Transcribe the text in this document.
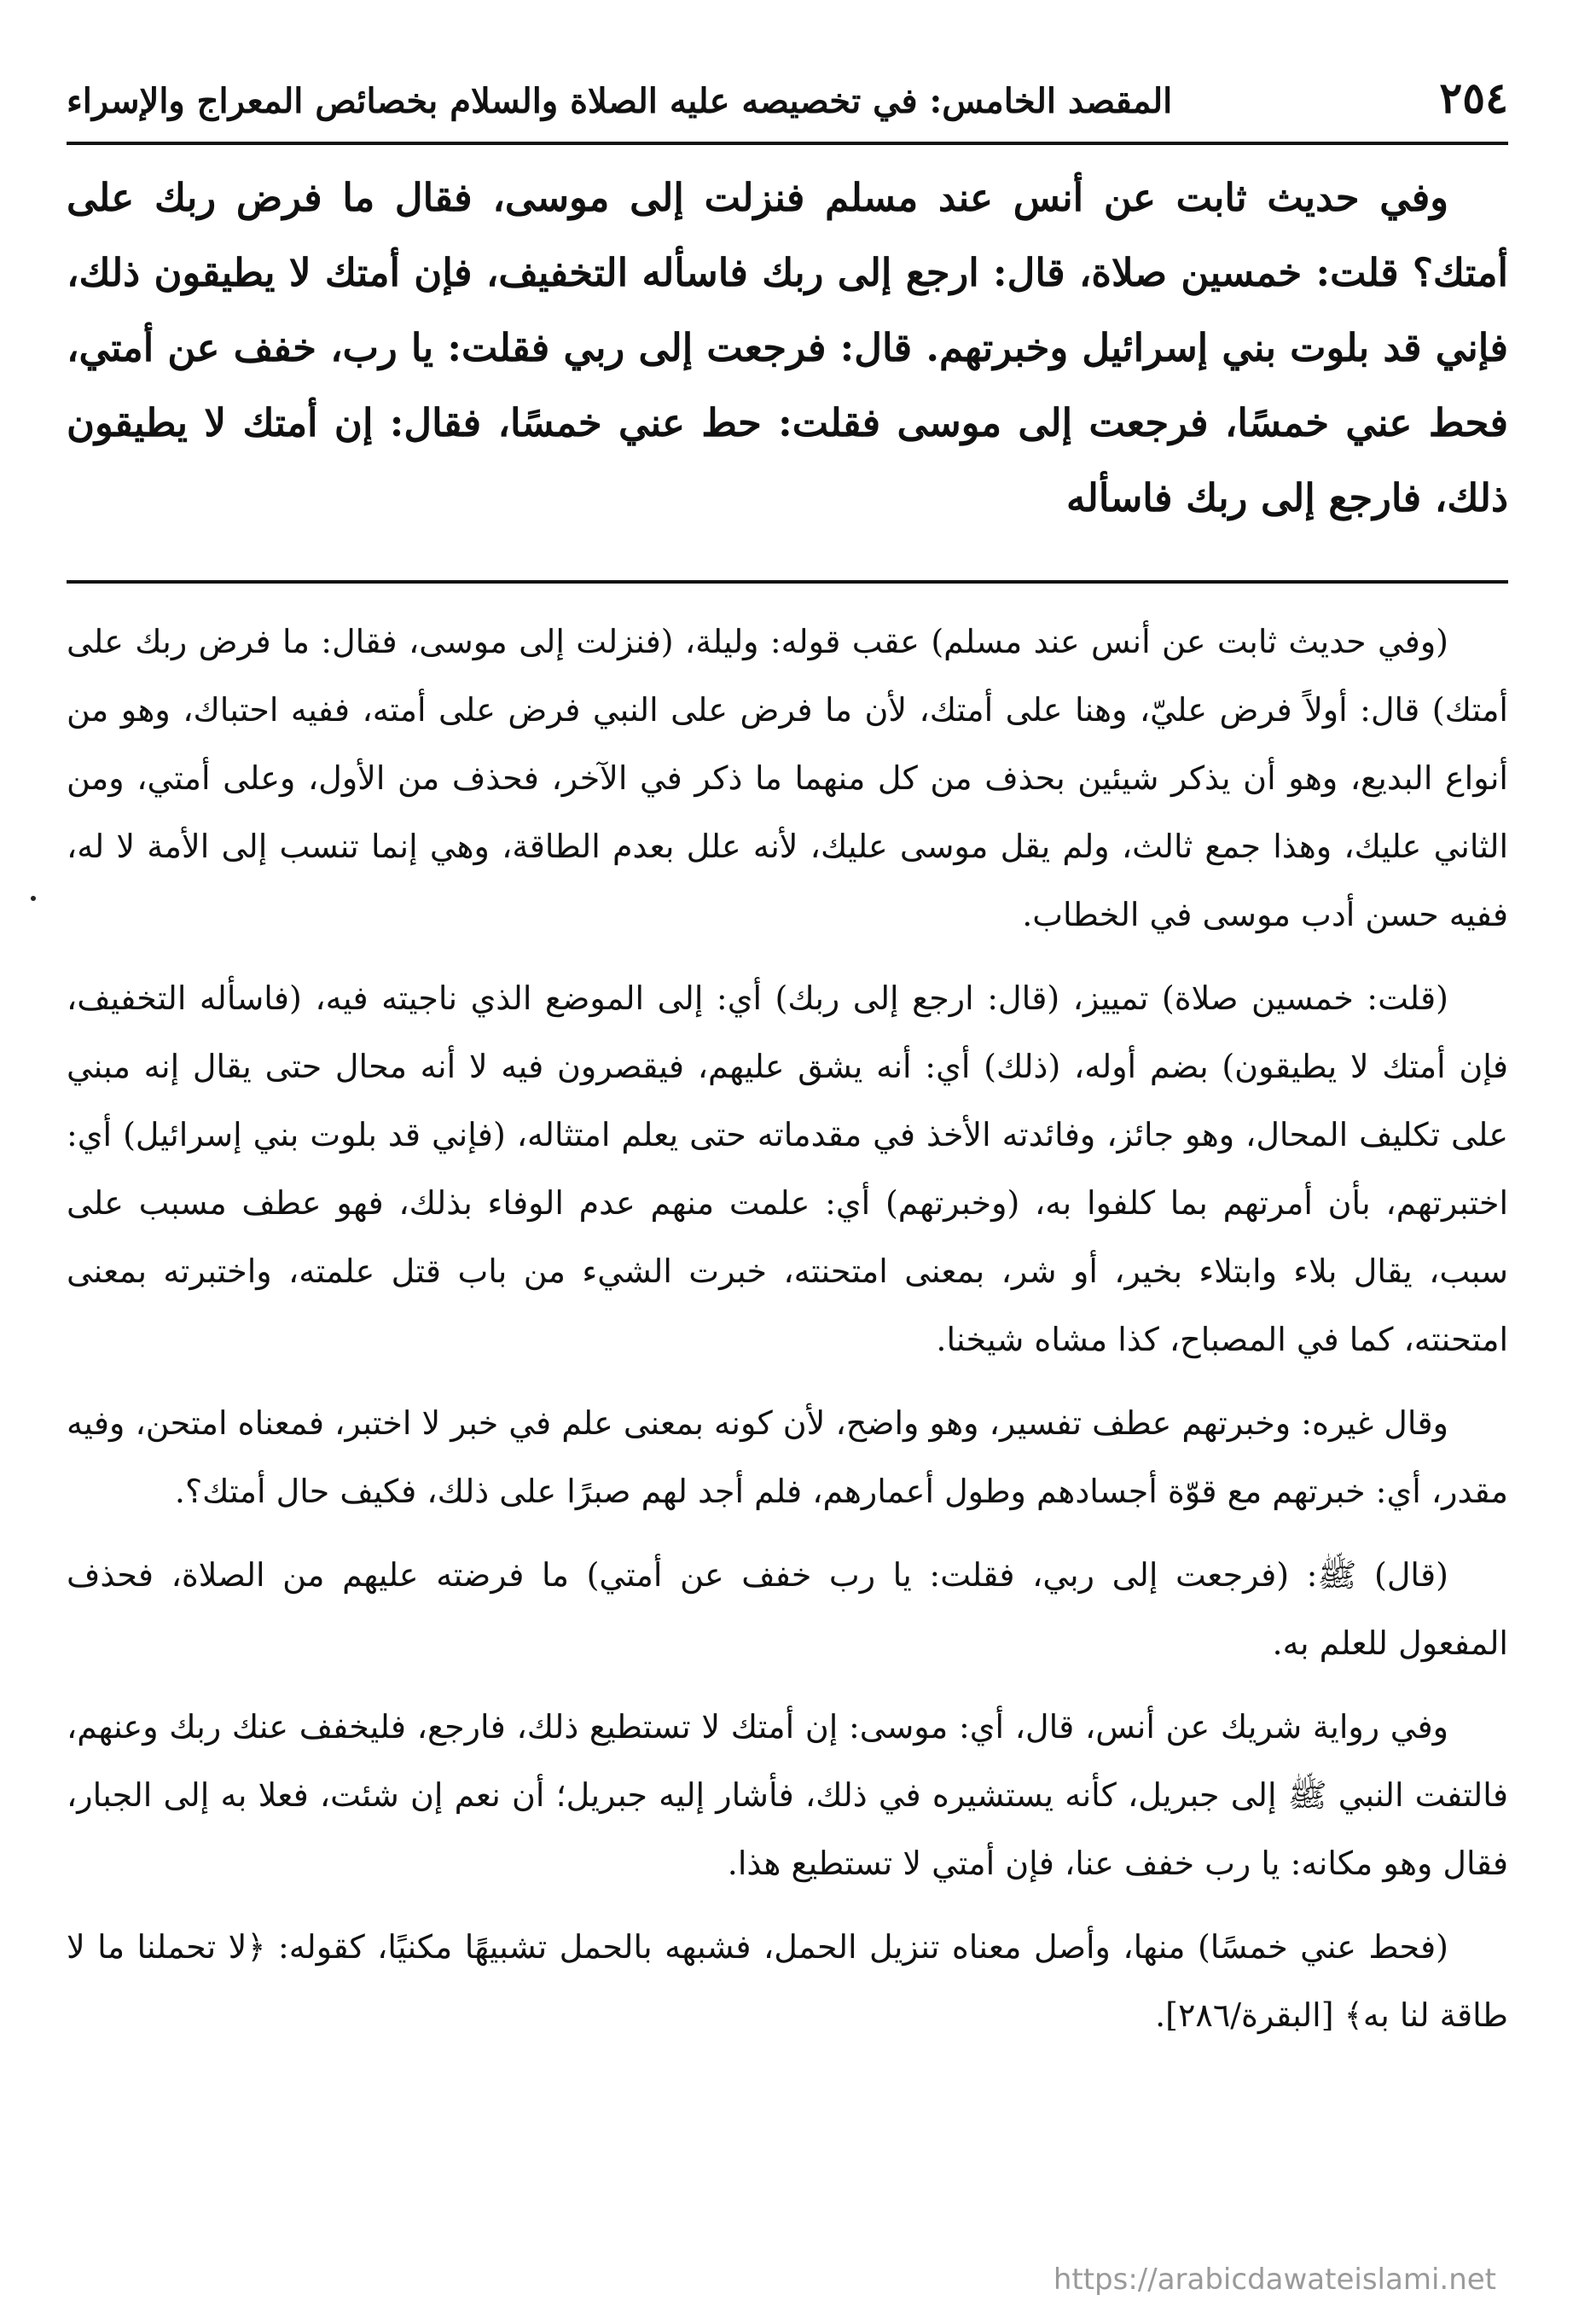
٢٥٤
المقصد الخامس: في تخصيصه عليه الصلاة والسلام بخصائص المعراج والإسراء

وفي حديث ثابت عن أنس عند مسلم فنزلت إلى موسى، فقال ما فرض ربك على أمتك؟ قلت: خمسين صلاة، قال: ارجع إلى ربك فاسأله التخفيف، فإن أمتك لا يطيقون ذلك، فإني قد بلوت بني إسرائيل وخبرتهم. قال: فرجعت إلى ربي فقلت: يا رب، خفف عن أمتي، فحط عني خمسًا، فرجعت إلى موسى فقلت: حط عني خمسًا، فقال: إن أمتك لا يطيقون ذلك، فارجع إلى ربك فاسأله

(وفي حديث ثابت عن أنس عند مسلم) عقب قوله: وليلة، (فنزلت إلى موسى، فقال: ما فرض ربك على أمتك) قال: أولاً فرض عليّ، وهنا على أمتك، لأن ما فرض على النبي فرض على أمته، ففيه احتباك، وهو من أنواع البديع، وهو أن يذكر شيئين بحذف من كل منهما ما ذكر في الآخر، فحذف من الأول، وعلى أمتي، ومن الثاني عليك، وهذا جمع ثالث، ولم يقل موسى عليك، لأنه علل بعدم الطاقة، وهي إنما تنسب إلى الأمة لا له، ففيه حسن أدب موسى في الخطاب.

(قلت: خمسين صلاة) تمييز، (قال: ارجع إلى ربك) أي: إلى الموضع الذي ناجيته فيه، (فاسأله التخفيف، فإن أمتك لا يطيقون) بضم أوله، (ذلك) أي: أنه يشق عليهم، فيقصرون فيه لا أنه محال حتى يقال إنه مبني على تكليف المحال، وهو جائز، وفائدته الأخذ في مقدماته حتى يعلم امتثاله، (فإني قد بلوت بني إسرائيل) أي: اختبرتهم، بأن أمرتهم بما كلفوا به، (وخبرتهم) أي: علمت منهم عدم الوفاء بذلك، فهو عطف مسبب على سبب، يقال بلاء وابتلاء بخير، أو شر، بمعنى امتحنته، خبرت الشيء من باب قتل علمته، واختبرته بمعنى امتحنته، كما في المصباح، كذا مشاه شيخنا.

وقال غيره: وخبرتهم عطف تفسير، وهو واضح، لأن كونه بمعنى علم في خبر لا اختبر، فمعناه امتحن، وفيه مقدر، أي: خبرتهم مع قوّة أجسادهم وطول أعمارهم، فلم أجد لهم صبرًا على ذلك، فكيف حال أمتك؟.

(قال) ﷺ: (فرجعت إلى ربي، فقلت: يا رب خفف عن أمتي) ما فرضته عليهم من الصلاة، فحذف المفعول للعلم به.

وفي رواية شريك عن أنس، قال، أي: موسى: إن أمتك لا تستطيع ذلك، فارجع، فليخفف عنك ربك وعنهم، فالتفت النبي ﷺ إلى جبريل، كأنه يستشيره في ذلك، فأشار إليه جبريل؛ أن نعم إن شئت، فعلا به إلى الجبار، فقال وهو مكانه: يا رب خفف عنا، فإن أمتي لا تستطيع هذا.

(فحط عني خمسًا) منها، وأصل معناه تنزيل الحمل، فشبهه بالحمل تشبيهًا مكنيًا، كقوله: ﴿لا تحملنا ما لا طاقة لنا به﴾ [البقرة/٢٨٦].

https://arabicdawateislami.net
